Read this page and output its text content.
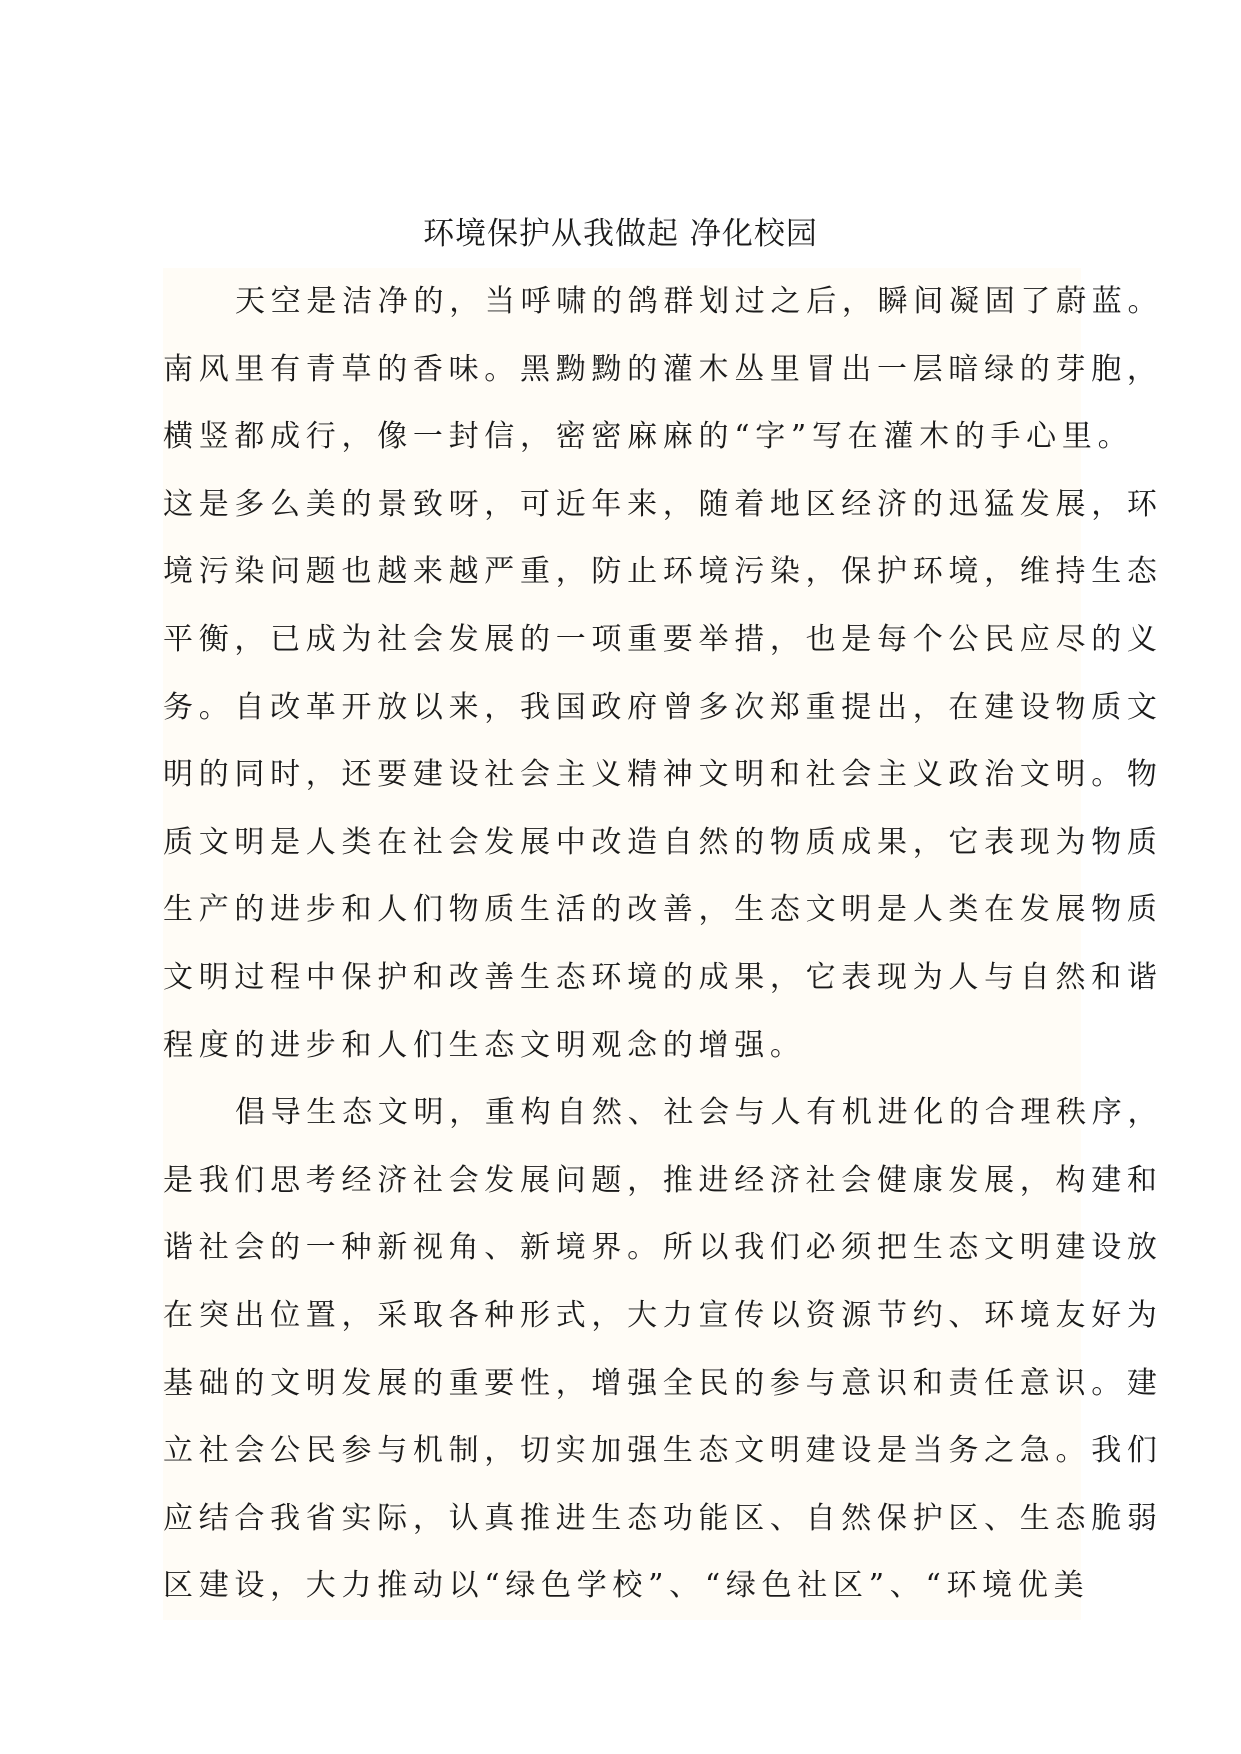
环境保护从我做起 净化校园
天空是洁净的，当呼啸的鸽群划过之后，瞬间凝固了蔚蓝。
南风里有青草的香味。黑黝黝的灌木丛里冒出一层暗绿的芽胞，
横竖都成行，像一封信，密密麻麻的“字”写在灌木的手心里。
这是多么美的景致呀，可近年来，随着地区经济的迅猛发展，环
境污染问题也越来越严重，防止环境污染，保护环境，维持生态
平衡，已成为社会发展的一项重要举措，也是每个公民应尽的义
务。自改革开放以来，我国政府曾多次郑重提出，在建设物质文
明的同时，还要建设社会主义精神文明和社会主义政治文明。物
质文明是人类在社会发展中改造自然的物质成果，它表现为物质
生产的进步和人们物质生活的改善，生态文明是人类在发展物质
文明过程中保护和改善生态环境的成果，它表现为人与自然和谐
程度的进步和人们生态文明观念的增强。
倡导生态文明，重构自然、社会与人有机进化的合理秩序，
是我们思考经济社会发展问题，推进经济社会健康发展，构建和
谐社会的一种新视角、新境界。所以我们必须把生态文明建设放
在突出位置，采取各种形式，大力宣传以资源节约、环境友好为
基础的文明发展的重要性，增强全民的参与意识和责任意识。建
立社会公民参与机制，切实加强生态文明建设是当务之急。我们
应结合我省实际，认真推进生态功能区、自然保护区、生态脆弱
区建设，大力推动以“绿色学校”、“绿色社区”、“环境优美
